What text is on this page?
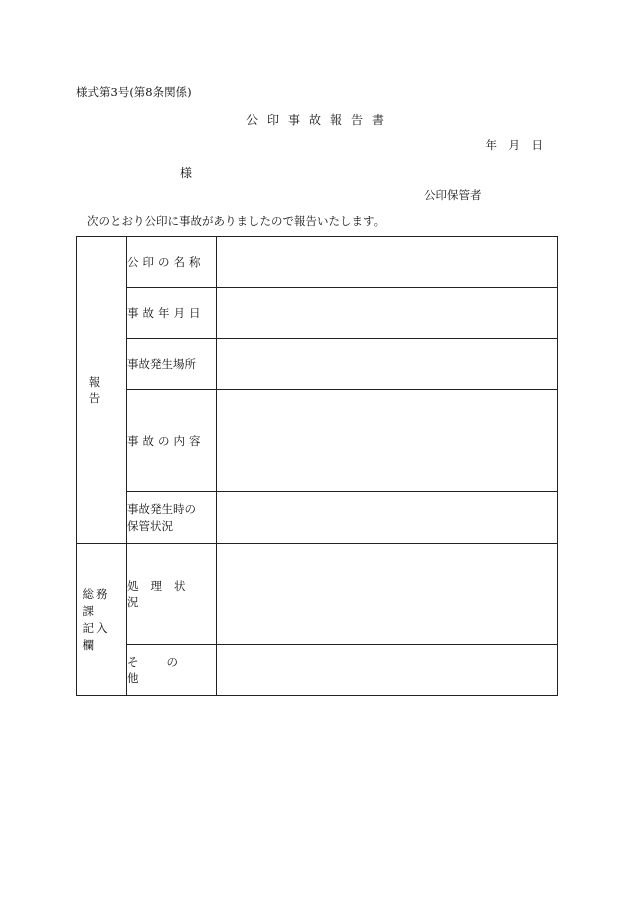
様式第3号(第8条関係)
公印事故報告書
年　月　日
様
公印保管者
次のとおり公印に事故がありましたので報告いたします。
報告	公印の名称	
	事故年月日	
	事故発生場所	
	事故の内容	

	事故発生時の
保管状況	

総務課
記入欄	処理状況	
	その他	
